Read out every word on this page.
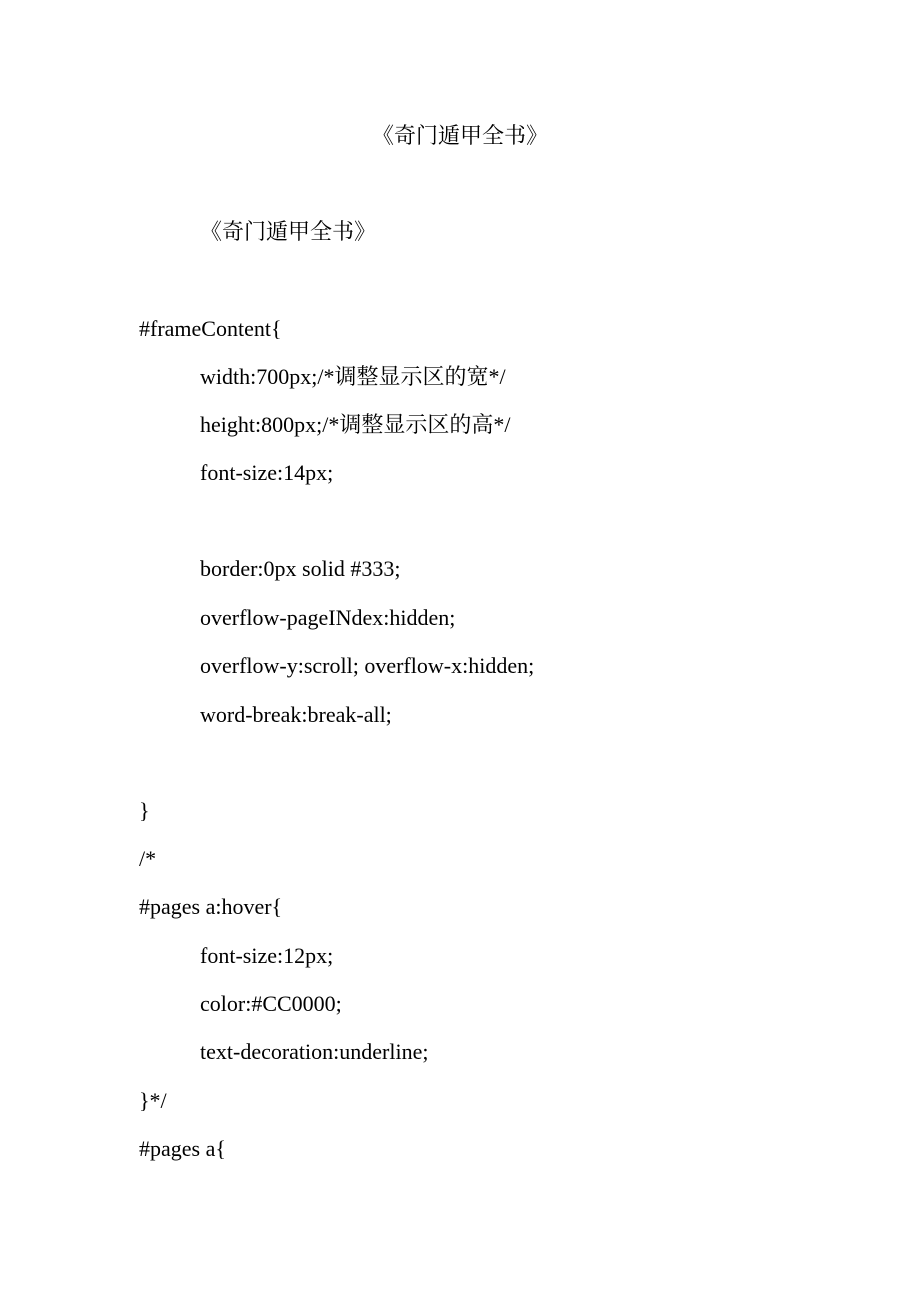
《奇门遁甲全书》

《奇门遁甲全书》

#frameContent{

width:700px;/*调整显示区的宽*/

height:800px;/*调整显示区的高*/

font-size:14px;

border:0px solid #333;

overflow-pageINdex:hidden;

overflow-y:scroll; overflow-x:hidden;

word-break:break-all;

}

/*

#pages a:hover{

font-size:12px;

color:#CC0000;

text-decoration:underline;

}*/

#pages a{
